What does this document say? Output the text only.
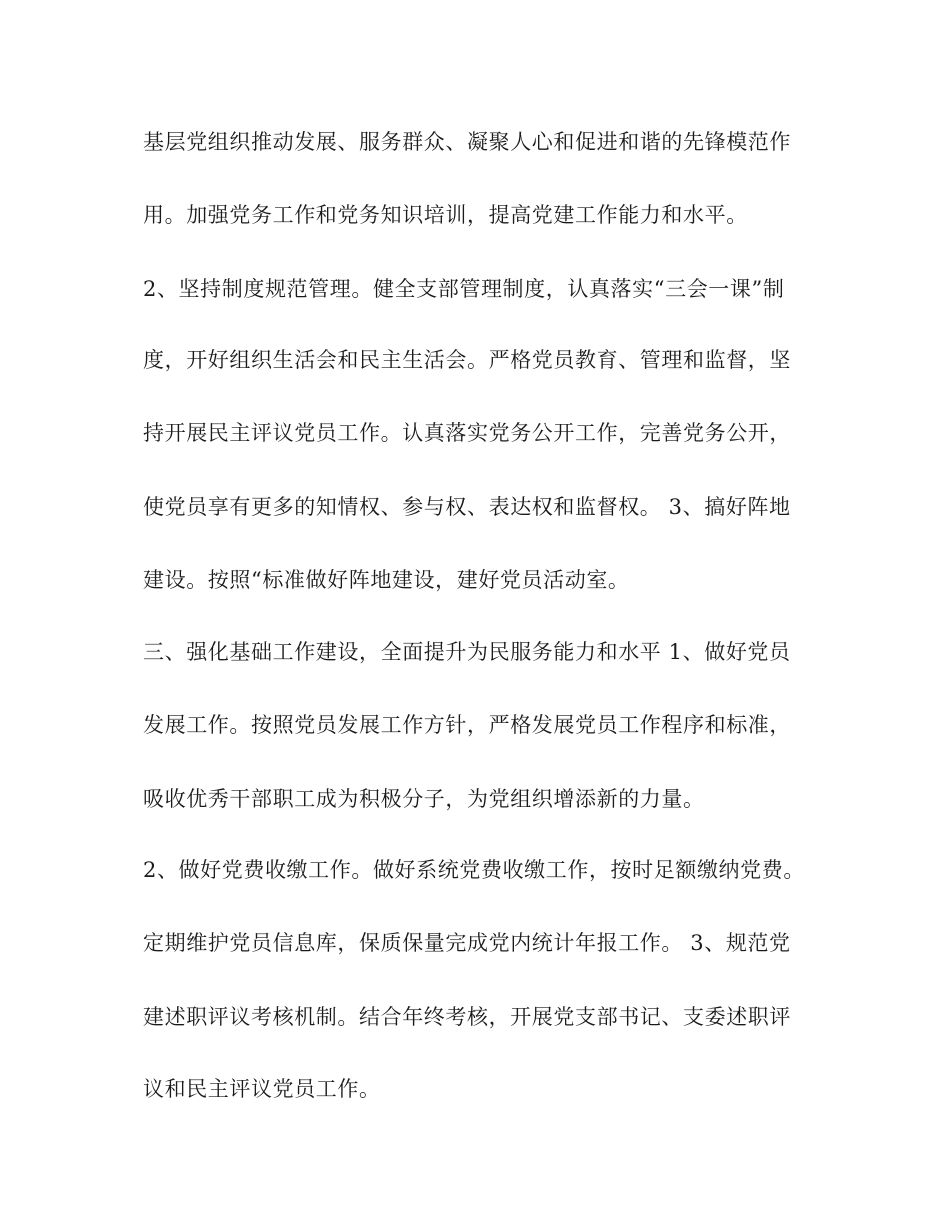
基层党组织推动发展、服务群众、凝聚人心和促进和谐的先锋模范作
用。加强党务工作和党务知识培训，提高党建工作能力和水平。
2、坚持制度规范管理。健全支部管理制度，认真落实“三会一课”制
度，开好组织生活会和民主生活会。严格党员教育、管理和监督，坚
持开展民主评议党员工作。认真落实党务公开工作，完善党务公开，
使党员享有更多的知情权、参与权、表达权和监督权。 3、搞好阵地
建设。按照“标准做好阵地建设，建好党员活动室。
三、强化基础工作建设，全面提升为民服务能力和水平 1、做好党员
发展工作。按照党员发展工作方针，严格发展党员工作程序和标准，
吸收优秀干部职工成为积极分子，为党组织增添新的力量。
2、做好党费收缴工作。做好系统党费收缴工作，按时足额缴纳党费。
定期维护党员信息库，保质保量完成党内统计年报工作。 3、规范党
建述职评议考核机制。结合年终考核，开展党支部书记、支委述职评
议和民主评议党员工作。
